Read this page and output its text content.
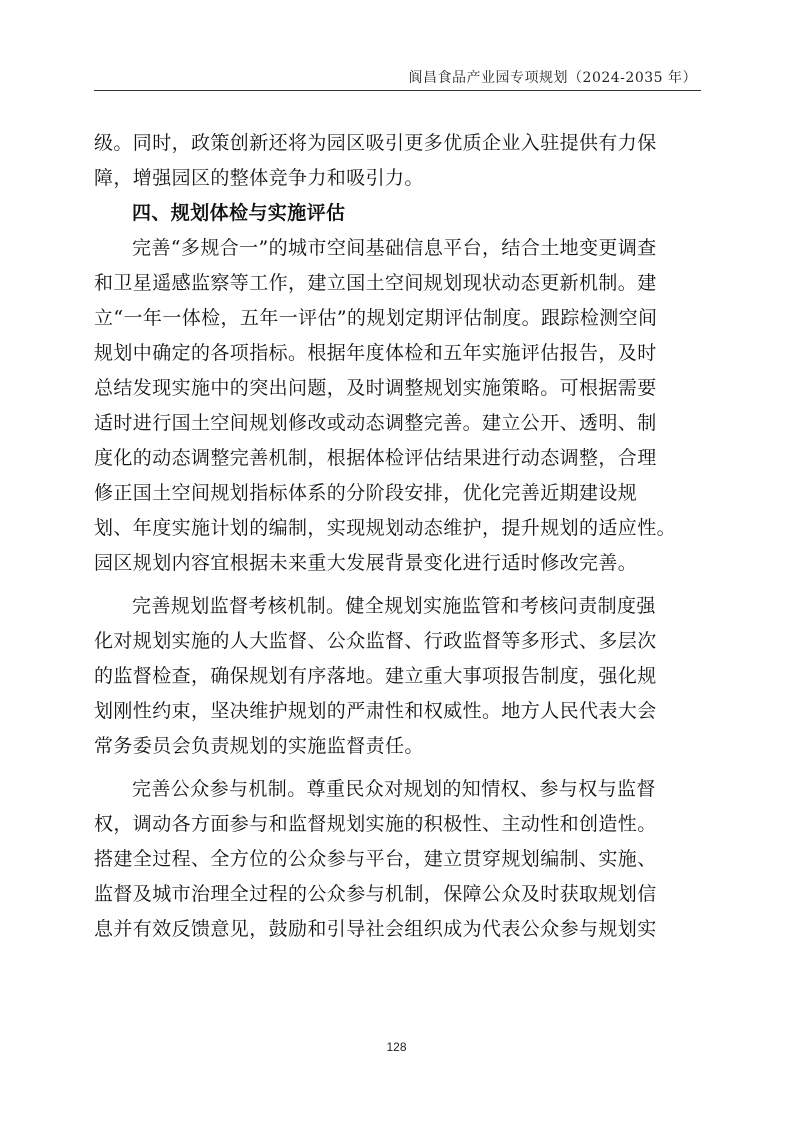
阆昌食品产业园专项规划（2024-2035 年）
级。同时，政策创新还将为园区吸引更多优质企业入驻提供有力保
障，增强园区的整体竞争力和吸引力。
四、规划体检与实施评估
完善“多规合一”的城市空间基础信息平台，结合土地变更调查
和卫星遥感监察等工作，建立国土空间规划现状动态更新机制。建
立“一年一体检，五年一评估”的规划定期评估制度。跟踪检测空间
规划中确定的各项指标。根据年度体检和五年实施评估报告，及时
总结发现实施中的突出问题，及时调整规划实施策略。可根据需要
适时进行国土空间规划修改或动态调整完善。建立公开、透明、制
度化的动态调整完善机制，根据体检评估结果进行动态调整，合理
修正国土空间规划指标体系的分阶段安排，优化完善近期建设规
划、年度实施计划的编制，实现规划动态维护，提升规划的适应性。
园区规划内容宜根据未来重大发展背景变化进行适时修改完善。
完善规划监督考核机制。健全规划实施监管和考核问责制度强
化对规划实施的人大监督、公众监督、行政监督等多形式、多层次
的监督检查，确保规划有序落地。建立重大事项报告制度，强化规
划刚性约束，坚决维护规划的严肃性和权威性。地方人民代表大会
常务委员会负责规划的实施监督责任。
完善公众参与机制。尊重民众对规划的知情权、参与权与监督
权，调动各方面参与和监督规划实施的积极性、主动性和创造性。
搭建全过程、全方位的公众参与平台，建立贯穿规划编制、实施、
监督及城市治理全过程的公众参与机制，保障公众及时获取规划信
息并有效反馈意见，鼓励和引导社会组织成为代表公众参与规划实
128
